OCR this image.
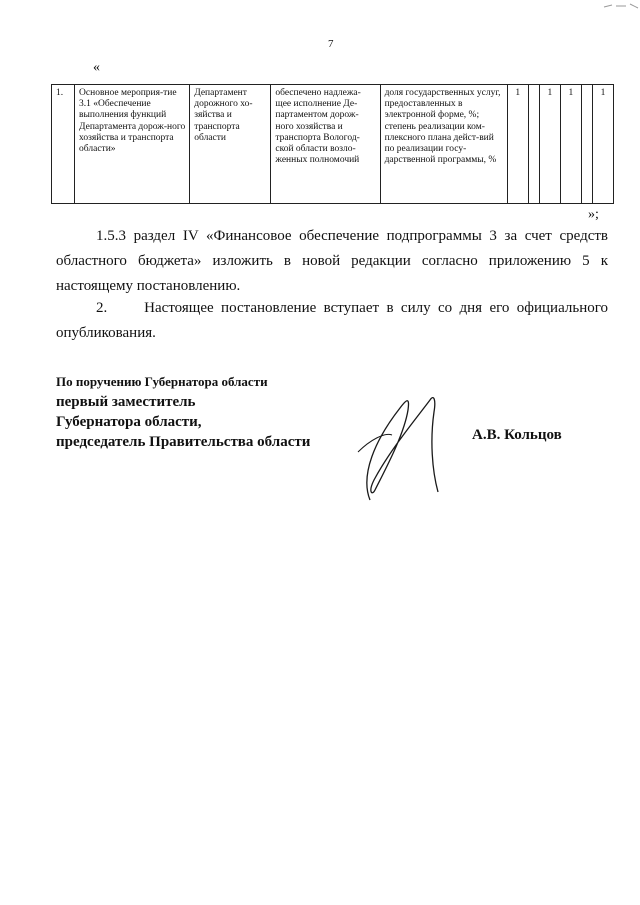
7
«
1.	Основное мероприя-тие 3.1 «Обеспечение выполнения функций Департамента дорож-ного хозяйства и транспорта области»	Департамент дорожного хо-зяйства и транспорта области	обеспечено надлежа-щее исполнение Де-партаментом дорож-ного хозяйства и транспорта Вологод-ской области возло-женных полномочий	доля государственных услуг, предоставленных в электронной форме, %; степень реализации ком-плексного плана дейст-вий по реализации госу-дарственной программы, %	1		1	1		1
»;

1.5.3 раздел IV «Финансовое обеспечение подпрограммы 3 за счет средств областного бюджета» изложить в новой редакции согласно приложению 5 к настоящему постановлению.

2.     Настоящее постановление вступает в силу со дня его официального опубликования.

По поручению Губернатора области
первый заместитель
Губернатора области,
председатель Правительства области	А.В. Кольцов
